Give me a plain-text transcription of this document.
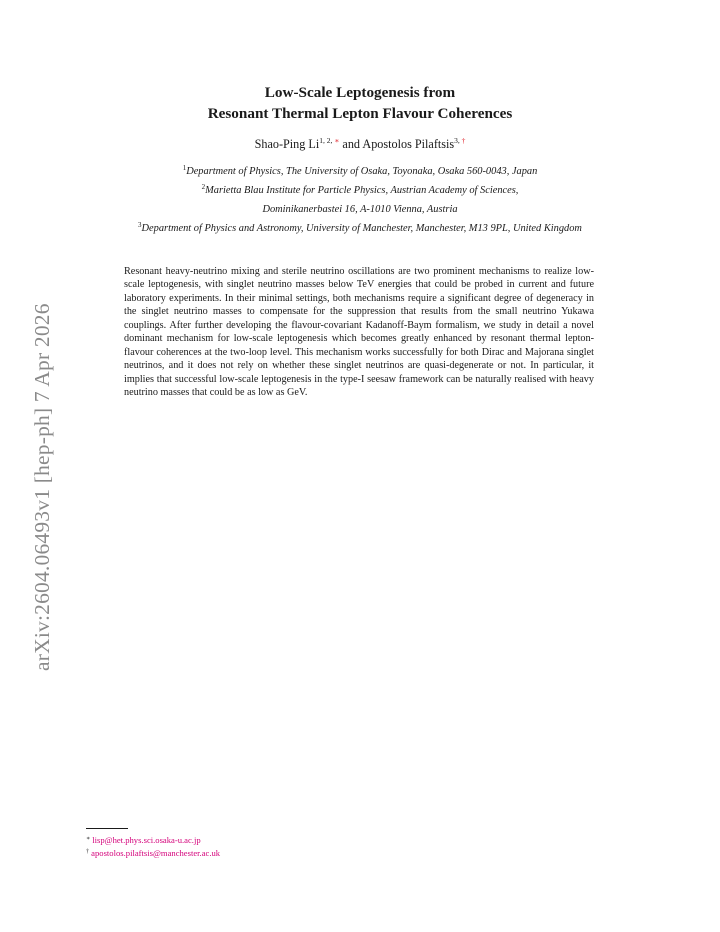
arXiv:2604.06493v1 [hep-ph] 7 Apr 2026
Low-Scale Leptogenesis from
Resonant Thermal Lepton Flavour Coherences
Shao-Ping $Li^{1, 2, ∗}$ and Apostolos Pilaftsis$^{3, \dagger}$
$^1$Department of Physics, The University of Osaka, Toyonaka, Osaka 560-0043, Japan
$^2$Marietta Blau Institute for Particle Physics, Austrian Academy of Sciences,
Dominikanerbastei 16, A-1010 Vienna, Austria
$^3$Department of Physics and Astronomy, University of Manchester, Manchester, M13 9PL, United Kingdom
Resonant heavy-neutrino mixing and sterile neutrino oscillations are two prominent mechanisms to realize low-scale leptogenesis, with singlet neutrino masses below TeV energies that could be probed in current and future laboratory experiments. In their minimal settings, both mechanisms require a significant degree of degeneracy in the singlet neutrino masses to compensate for the suppression that results from the small neutrino Yukawa couplings. After further developing the flavour-covariant Kadanoff-Baym formalism, we study in detail a novel dominant mechanism for low-scale leptogenesis which becomes greatly enhanced by resonant thermal lepton-flavour coherences at the two-loop level. This mechanism works successfully for both Dirac and Majorana singlet neutrinos, and it does not rely on whether these singlet neutrinos are quasi-degenerate or not. In particular, it implies that successful low-scale leptogenesis in the type-I seesaw framework can be naturally realised with heavy neutrino masses that could be as low as GeV.
∗ lisp@het.phys.sci.osaka-u.ac.jp
† apostolos.pilaftsis@manchester.ac.uk
